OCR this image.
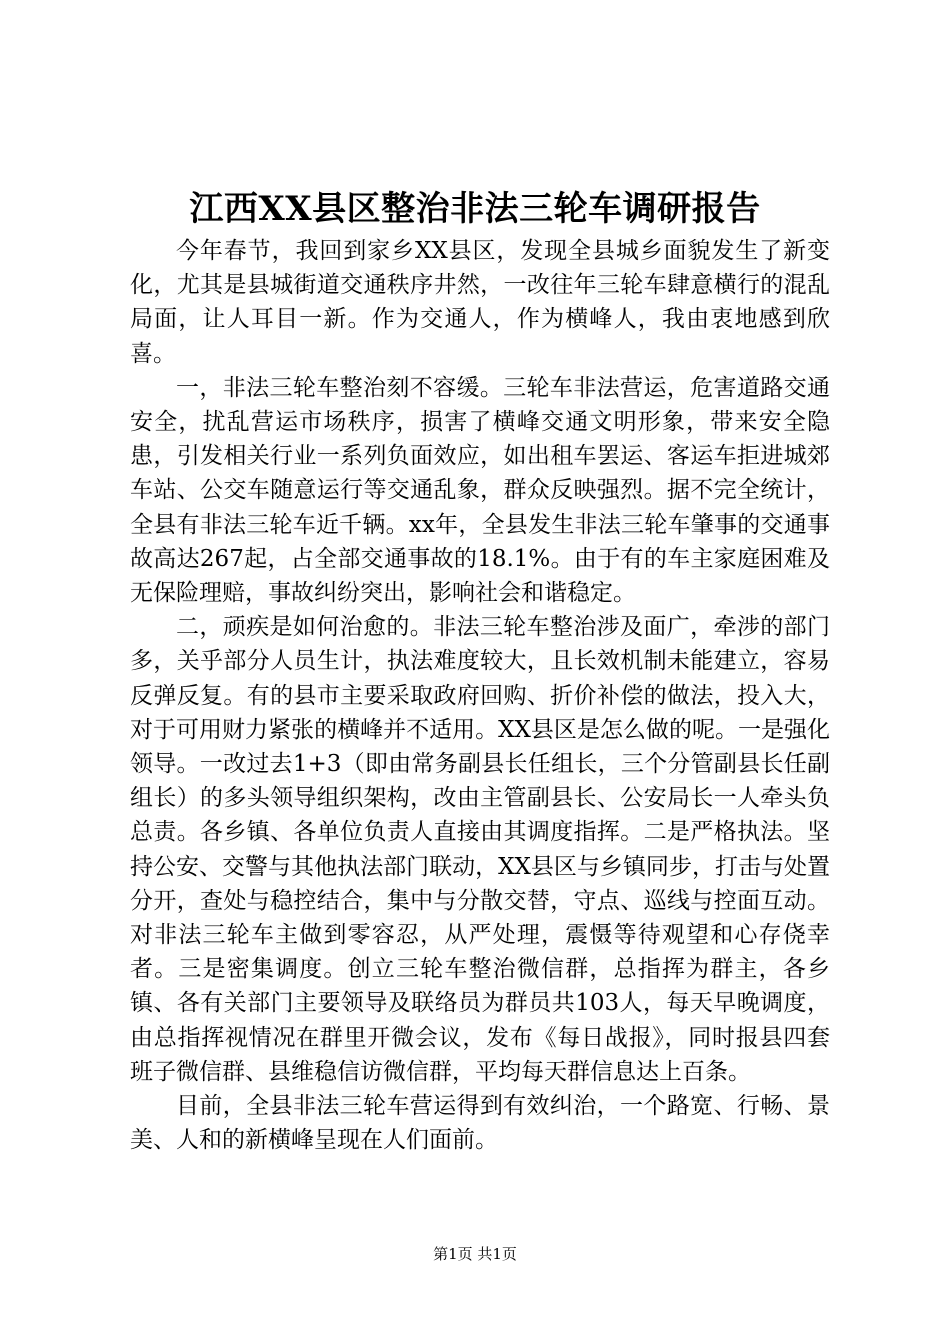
江西XX县区整治非法三轮车调研报告

今年春节，我回到家乡XX县区，发现全县城乡面貌发生了新变化，尤其是县城街道交通秩序井然，一改往年三轮车肆意横行的混乱局面，让人耳目一新。作为交通人，作为横峰人，我由衷地感到欣喜。

一，非法三轮车整治刻不容缓。三轮车非法营运，危害道路交通安全，扰乱营运市场秩序，损害了横峰交通文明形象，带来安全隐患，引发相关行业一系列负面效应，如出租车罢运、客运车拒进城郊车站、公交车随意运行等交通乱象，群众反映强烈。据不完全统计，全县有非法三轮车近千辆。xx年，全县发生非法三轮车肇事的交通事故高达267起，占全部交通事故的18.1%。由于有的车主家庭困难及无保险理赔，事故纠纷突出，影响社会和谐稳定。

二，顽疾是如何治愈的。非法三轮车整治涉及面广，牵涉的部门多，关乎部分人员生计，执法难度较大，且长效机制未能建立，容易反弹反复。有的县市主要采取政府回购、折价补偿的做法，投入大，对于可用财力紧张的横峰并不适用。XX县区是怎么做的呢。一是强化领导。一改过去1+3（即由常务副县长任组长，三个分管副县长任副组长）的多头领导组织架构，改由主管副县长、公安局长一人牵头负总责。各乡镇、各单位负责人直接由其调度指挥。二是严格执法。坚持公安、交警与其他执法部门联动，XX县区与乡镇同步，打击与处置分开，查处与稳控结合，集中与分散交替，守点、巡线与控面互动。对非法三轮车主做到零容忍，从严处理，震慑等待观望和心存侥幸者。三是密集调度。创立三轮车整治微信群，总指挥为群主，各乡镇、各有关部门主要领导及联络员为群员共103人，每天早晚调度，由总指挥视情况在群里开微会议，发布《每日战报》，同时报县四套班子微信群、县维稳信访微信群，平均每天群信息达上百条。

目前，全县非法三轮车营运得到有效纠治，一个路宽、行畅、景美、人和的新横峰呈现在人们面前。

第1页 共1页
